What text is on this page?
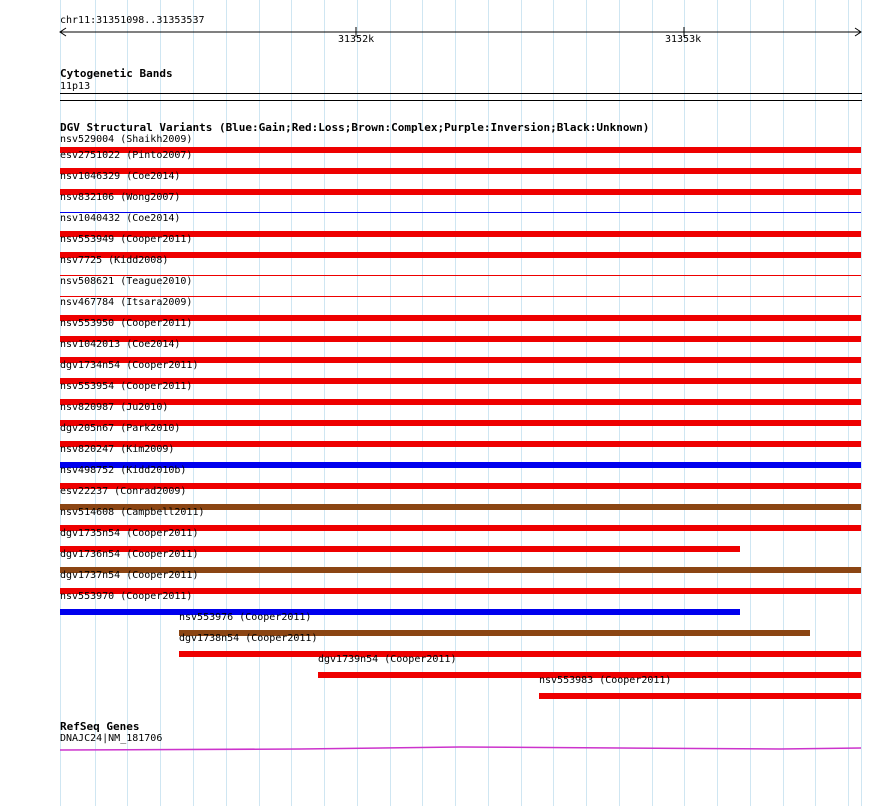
chr11:31351098..31353537
31352k	31353k
Cytogenetic Bands
11p13
DGV Structural Variants (Blue:Gain;Red:Loss;Brown:Complex;Purple:Inversion;Black:Unknown)
nsv529004 (Shaikh2009)
esv2751022 (Pinto2007)
nsv1046329 (Coe2014)
nsv832106 (Wong2007)
nsv1040432 (Coe2014)
nsv553949 (Cooper2011)
nsv7725 (Kidd2008)
nsv508621 (Teague2010)
nsv467784 (Itsara2009)
nsv553950 (Cooper2011)
nsv1042013 (Coe2014)
dgv1734n54 (Cooper2011)
nsv553954 (Cooper2011)
nsv820987 (Ju2010)
dgv205n67 (Park2010)
nsv820247 (Kim2009)
nsv498752 (Kidd2010b)
esv22237 (Conrad2009)
nsv514608 (Campbell2011)
dgv1735n54 (Cooper2011)
dgv1736n54 (Cooper2011)
dgv1737n54 (Cooper2011)
nsv553970 (Cooper2011)
nsv553976 (Cooper2011)
dgv1738n54 (Cooper2011)
dgv1739n54 (Cooper2011)
nsv553983 (Cooper2011)
RefSeq Genes
DNAJC24|NM_181706
